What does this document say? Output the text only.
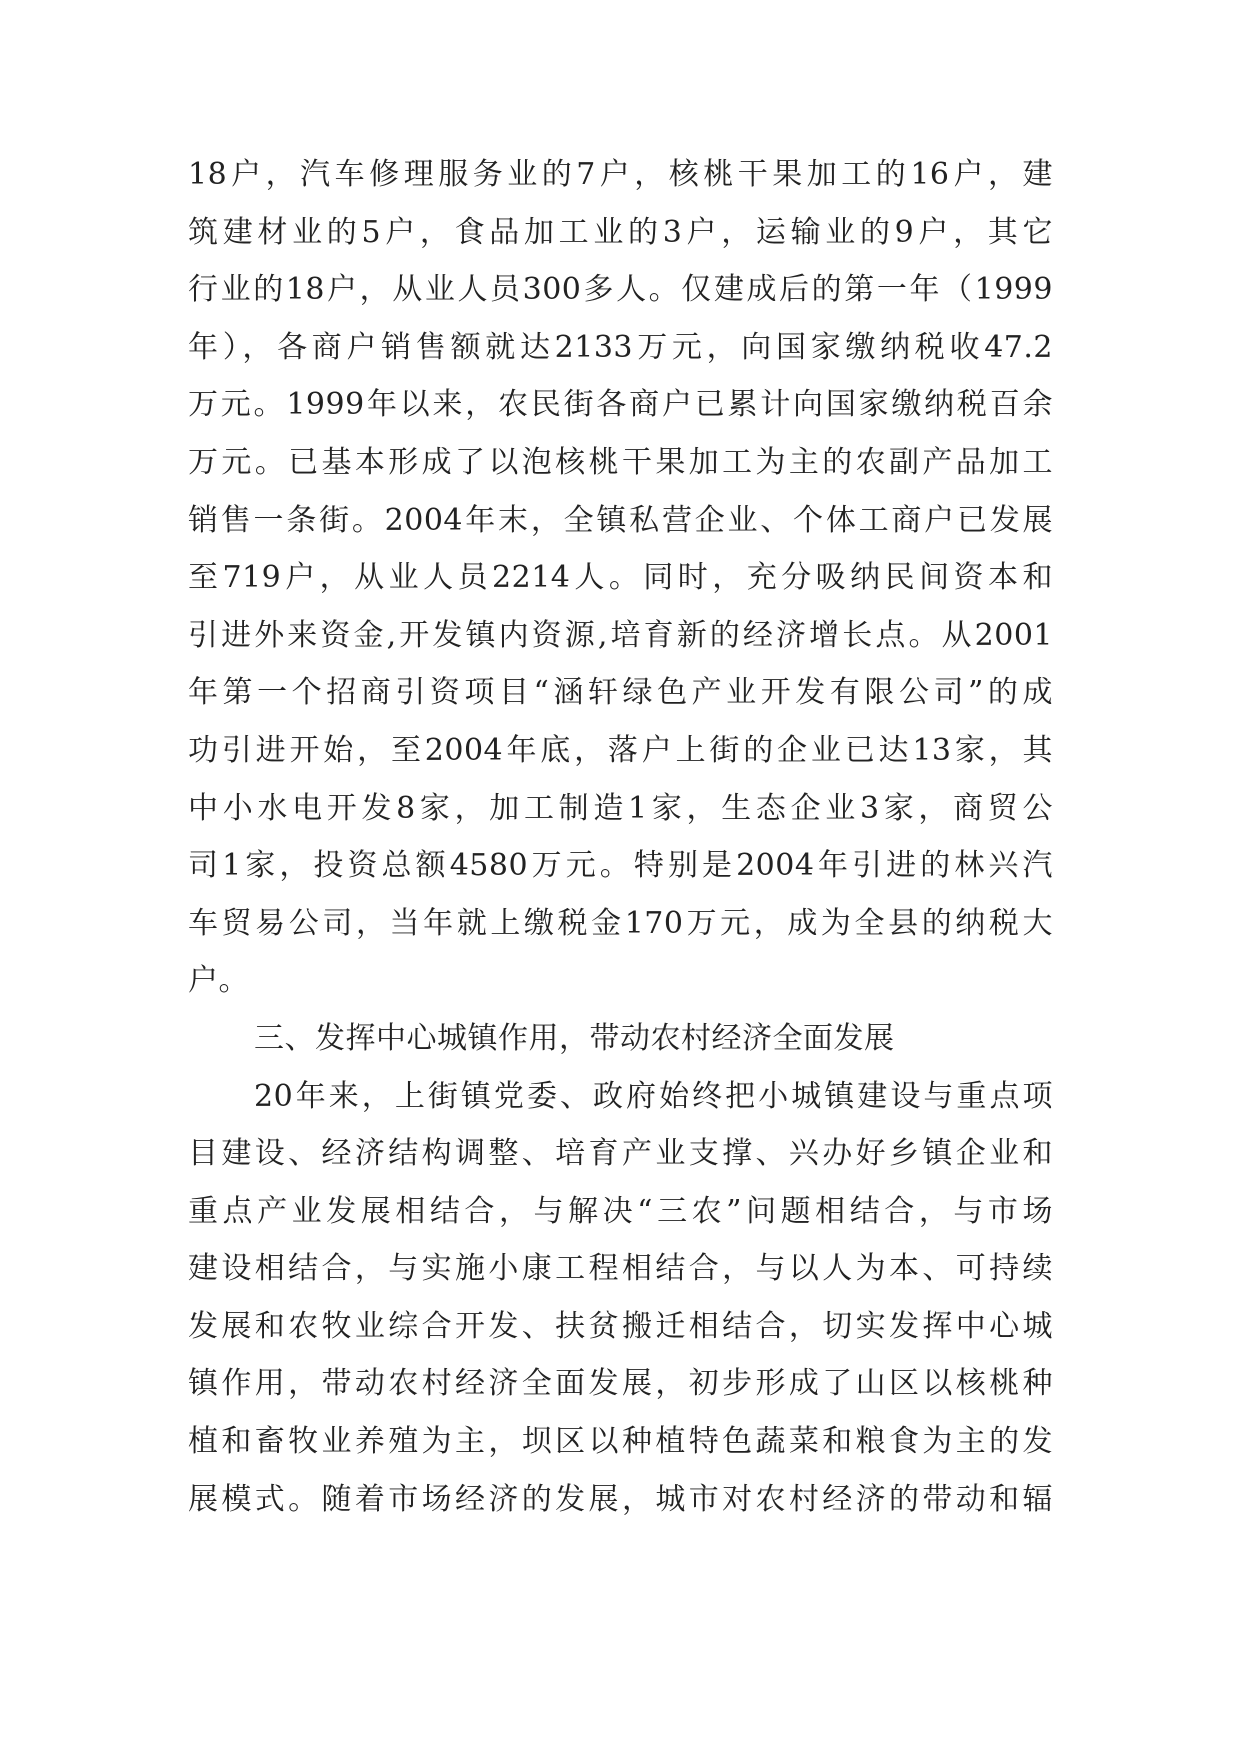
18户，汽车修理服务业的7户，核桃干果加工的16户，建
筑建材业的5户，食品加工业的3户，运输业的9户，其它
行业的18户，从业人员300多人。仅建成后的第一年（1999
年），各商户销售额就达2133万元，向国家缴纳税收47.2
万元。1999年以来，农民街各商户已累计向国家缴纳税百余
万元。已基本形成了以泡核桃干果加工为主的农副产品加工
销售一条街。2004年末，全镇私营企业、个体工商户已发展
至719户，从业人员2214人。同时，充分吸纳民间资本和
引进外来资金,开发镇内资源,培育新的经济增长点。从2001
年第一个招商引资项目“涵轩绿色产业开发有限公司”的成
功引进开始，至2004年底，落户上街的企业已达13家，其
中小水电开发8家，加工制造1家，生态企业3家，商贸公
司1家，投资总额4580万元。特别是2004年引进的林兴汽
车贸易公司，当年就上缴税金170万元，成为全县的纳税大
户。
三、发挥中心城镇作用，带动农村经济全面发展
20年来，上街镇党委、政府始终把小城镇建设与重点项
目建设、经济结构调整、培育产业支撑、兴办好乡镇企业和
重点产业发展相结合，与解决“三农”问题相结合，与市场
建设相结合，与实施小康工程相结合，与以人为本、可持续
发展和农牧业综合开发、扶贫搬迁相结合，切实发挥中心城
镇作用，带动农村经济全面发展，初步形成了山区以核桃种
植和畜牧业养殖为主，坝区以种植特色蔬菜和粮食为主的发
展模式。随着市场经济的发展，城市对农村经济的带动和辐
